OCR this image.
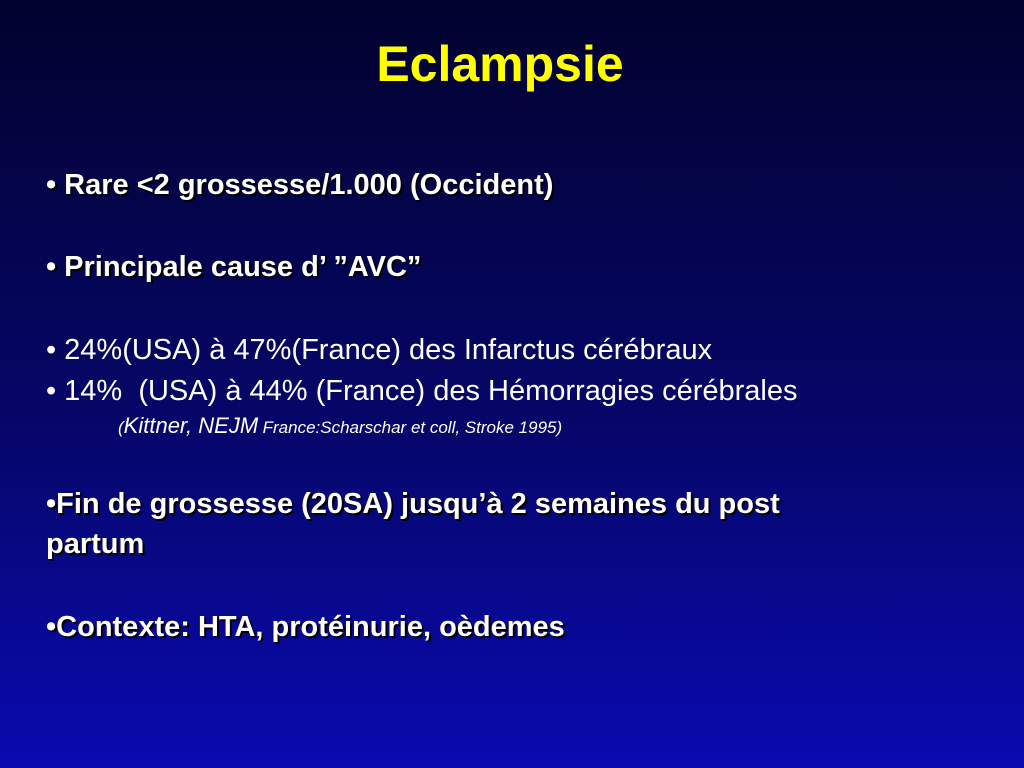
Eclampsie
• Rare <2 grossesse/1.000 (Occident)
• Principale cause d’ ”AVC”
• 24%(USA) à 47%(France) des Infarctus cérébraux
• 14%  (USA) à 44% (France) des Hémorragies cérébrales
(Kittner, NEJM France:Scharschar et coll, Stroke 1995)
•Fin de grossesse (20SA) jusqu’à 2 semaines du post
partum
•Contexte: HTA, protéinurie, oèdemes
